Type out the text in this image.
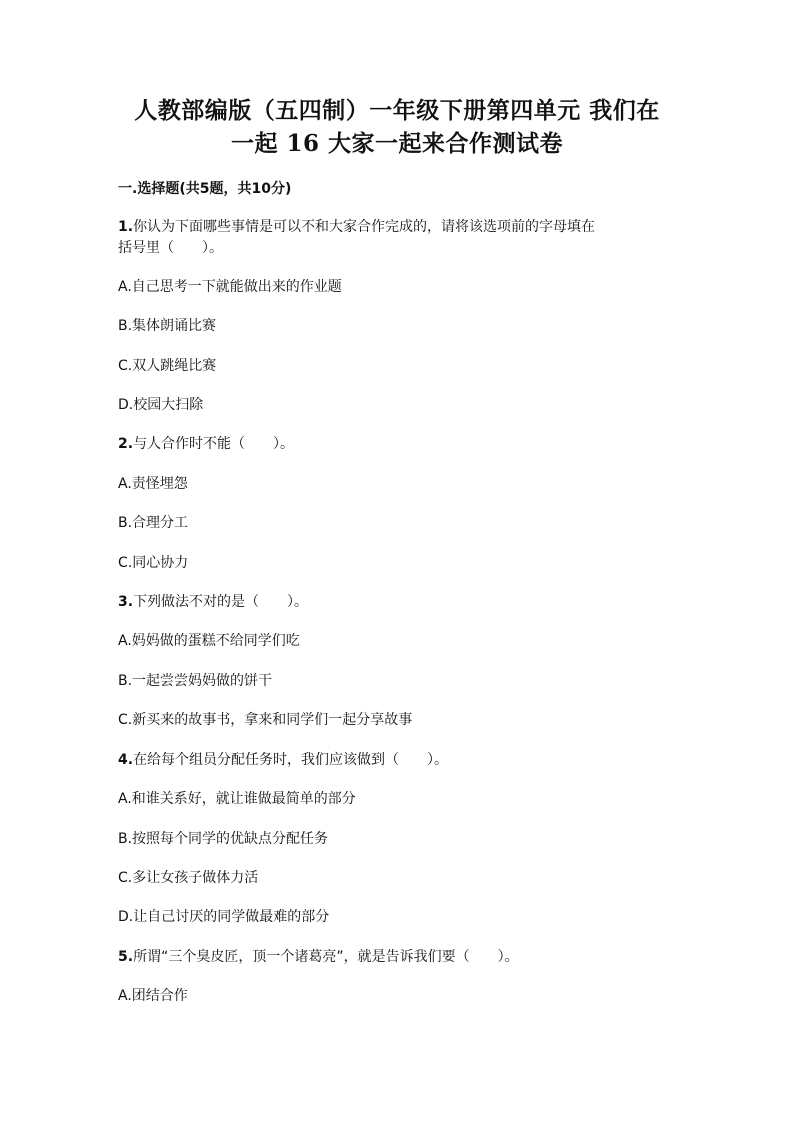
人教部编版（五四制）一年级下册第四单元 我们在
一起 16 大家一起来合作测试卷
一.选择题(共5题，共10分)
1.你认为下面哪些事情是可以不和大家合作完成的，请将该选项前的字母填在
括号里（　　）。
A.自己思考一下就能做出来的作业题
B.集体朗诵比赛
C.双人跳绳比赛
D.校园大扫除
2.与人合作时不能（　　）。
A.责怪埋怨
B.合理分工
C.同心协力
3.下列做法不对的是（　　）。
A.妈妈做的蛋糕不给同学们吃
B.一起尝尝妈妈做的饼干
C.新买来的故事书，拿来和同学们一起分享故事
4.在给每个组员分配任务时，我们应该做到（　　）。
A.和谁关系好，就让谁做最简单的部分
B.按照每个同学的优缺点分配任务
C.多让女孩子做体力活
D.让自己讨厌的同学做最难的部分
5.所谓“三个臭皮匠，顶一个诸葛亮”，就是告诉我们要（　　）。
A.团结合作
